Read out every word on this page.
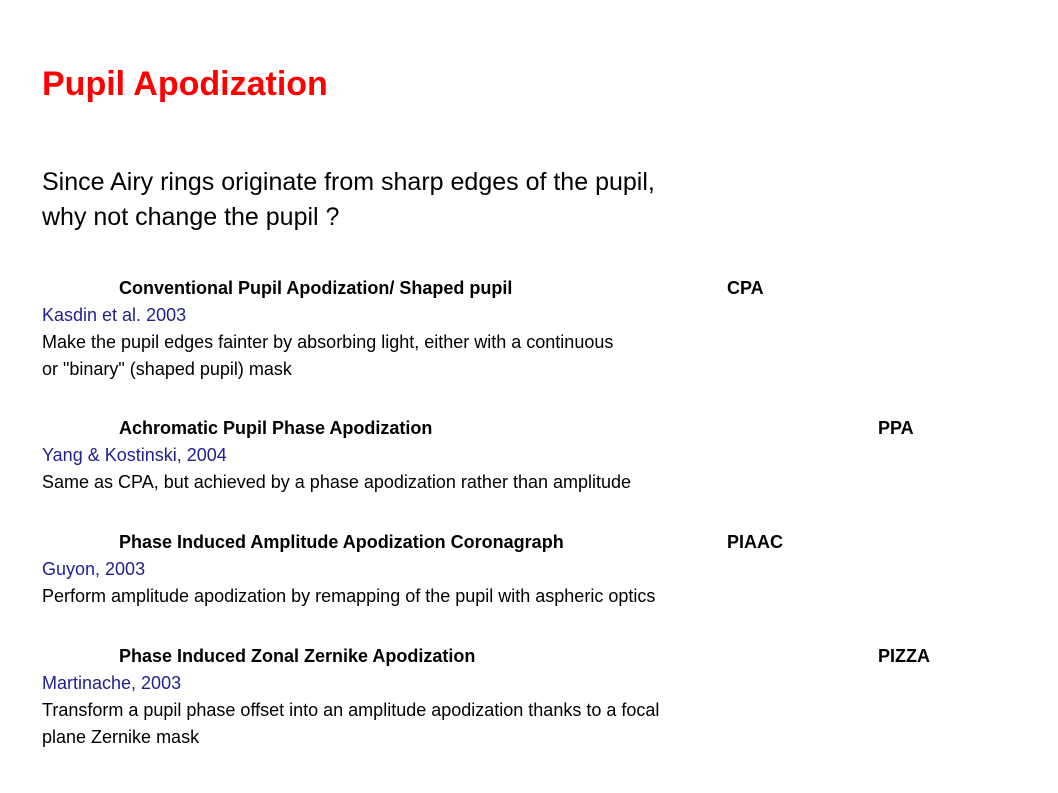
Pupil Apodization
Since Airy rings originate from sharp edges of the pupil,
why not change the pupil ?
Conventional Pupil Apodization/ Shaped pupil	CPA
Kasdin et al. 2003
Make the pupil edges fainter by absorbing light, either with a continuous
or "binary" (shaped pupil) mask
Achromatic Pupil Phase Apodization	PPA
Yang & Kostinski, 2004
Same as CPA, but achieved by a phase apodization rather than amplitude
Phase Induced Amplitude Apodization Coronagraph	PIAAC
Guyon, 2003
Perform amplitude apodization by remapping of the pupil with aspheric optics
Phase Induced Zonal Zernike Apodization	PIZZA
Martinache, 2003
Transform a pupil phase offset into an amplitude apodization thanks to a focal
plane Zernike mask
